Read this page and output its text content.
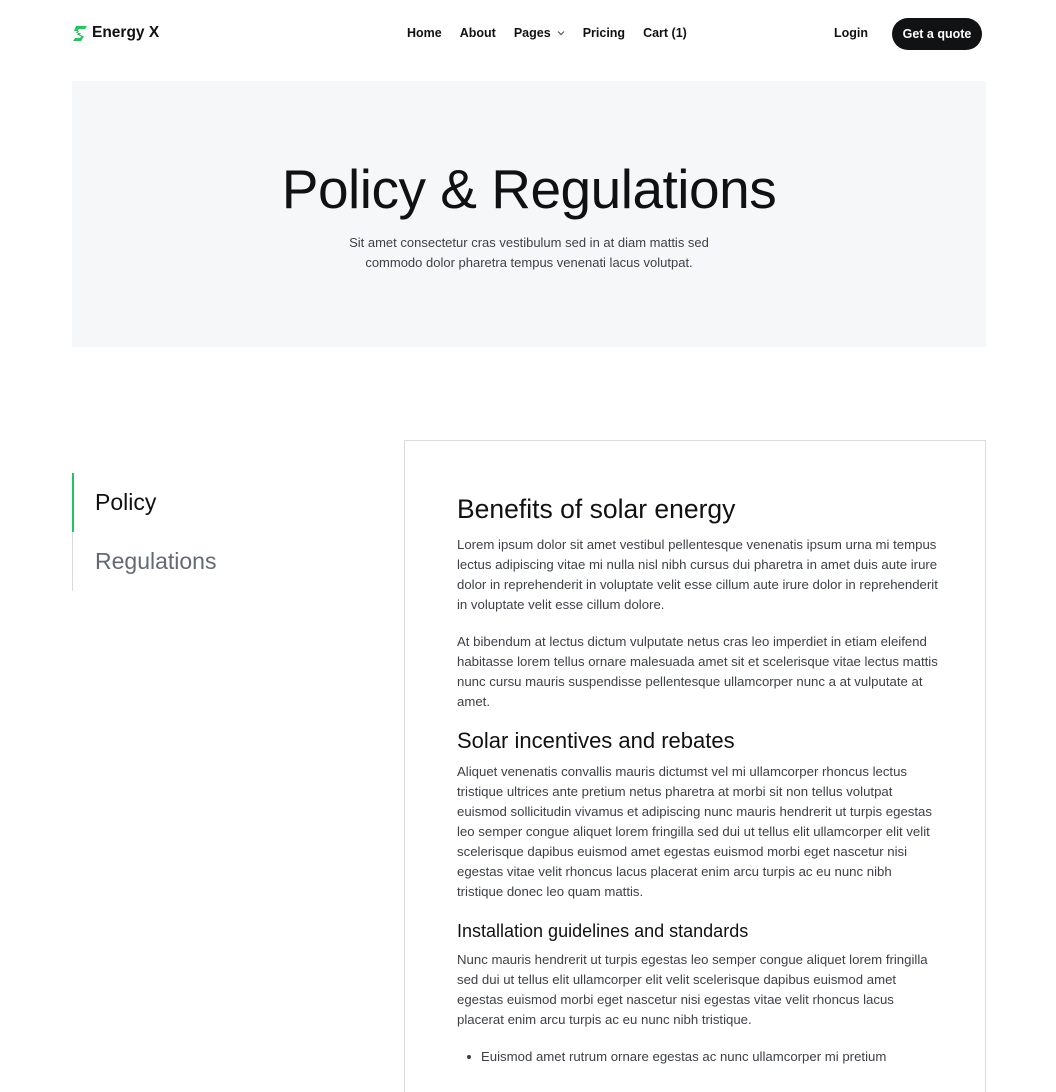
Energy X	Home About Pages	Pricing Cart (1)	Login	Get a quote
Policy & Regulations

Sit amet consectetur cras vestibulum sed in at diam mattis sed
commodo dolor pharetra tempus venenati lacus volutpat.

Policy
Regulations
Benefits of solar energy

Lorem ipsum dolor sit amet vestibul pellentesque venenatis ipsum urna mi tempus lectus adipiscing vitae mi nulla nisl nibh cursus dui pharetra in amet duis aute irure dolor in reprehenderit in voluptate velit esse cillum aute irure dolor in reprehenderit in voluptate velit esse cillum dolore.

At bibendum at lectus dictum vulputate netus cras leo imperdiet in etiam eleifend habitasse lorem tellus ornare malesuada amet sit et scelerisque vitae lectus mattis nunc cursu mauris suspendisse pellentesque ullamcorper nunc a at vulputate at amet.

Solar incentives and rebates

Aliquet venenatis convallis mauris dictumst vel mi ullamcorper rhoncus lectus tristique ultrices ante pretium netus pharetra at morbi sit non tellus volutpat euismod sollicitudin vivamus et adipiscing nunc mauris hendrerit ut turpis egestas leo semper congue aliquet lorem fringilla sed dui ut tellus elit ullamcorper elit velit scelerisque dapibus euismod amet egestas euismod morbi eget nascetur nisi egestas vitae velit rhoncus lacus placerat enim arcu turpis ac eu nunc nibh tristique donec leo quam mattis.

Installation guidelines and standards

Nunc mauris hendrerit ut turpis egestas leo semper congue aliquet lorem fringilla sed dui ut tellus elit ullamcorper elit velit scelerisque dapibus euismod amet egestas euismod morbi eget nascetur nisi egestas vitae velit rhoncus lacus placerat enim arcu turpis ac eu nunc nibh tristique.

Euismod amet rutrum ornare egestas ac nunc ullamcorper mi pretium
